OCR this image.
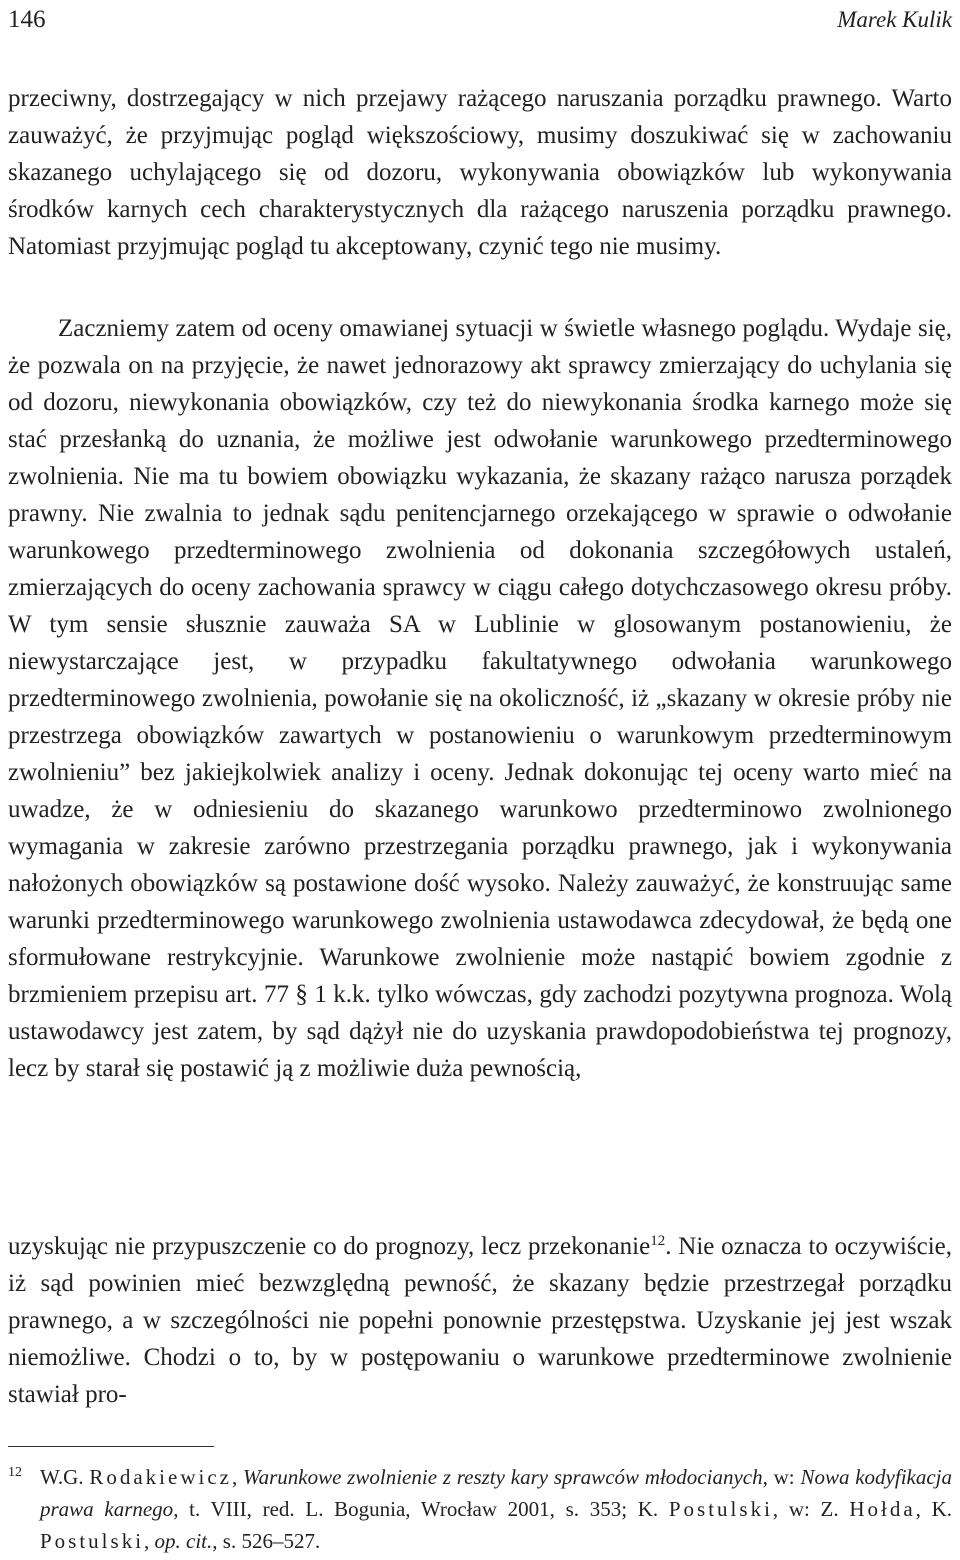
146	Marek Kulik

przeciwny, dostrzegający w nich przejawy rażącego naruszania porządku prawnego. Warto zauważyć, że przyjmując pogląd większościowy, musimy doszukiwać się w zachowaniu skazanego uchylającego się od dozoru, wykonywania obowiązków lub wykonywania środków karnych cech charakterystycznych dla rażącego naruszenia porządku prawnego. Natomiast przyjmując pogląd tu akceptowany, czynić tego nie musimy.

Zaczniemy zatem od oceny omawianej sytuacji w świetle własnego poglądu. Wydaje się, że pozwala on na przyjęcie, że nawet jednorazowy akt sprawcy zmierzający do uchylania się od dozoru, niewykonania obowiązków, czy też do niewykonania środka karnego może się stać przesłanką do uznania, że możliwe jest odwołanie warunkowego przedterminowego zwolnienia. Nie ma tu bowiem obowiązku wykazania, że skazany rażąco narusza porządek prawny. Nie zwalnia to jednak sądu penitencjarnego orzekającego w sprawie o odwołanie warunkowego przedterminowego zwolnienia od dokonania szczegółowych ustaleń, zmierzających do oceny zachowania sprawcy w ciągu całego dotychczasowego okresu próby. W tym sensie słusznie zauważa SA w Lublinie w glosowanym postanowieniu, że niewystarczające jest, w przypadku fakultatywnego odwołania warunkowego przedterminowego zwolnienia, powołanie się na okoliczność, iż „skazany w okresie próby nie przestrzega obowiązków zawartych w postanowieniu o warunkowym przedterminowym zwolnieniu” bez jakiejkolwiek analizy i oceny. Jednak dokonując tej oceny warto mieć na uwadze, że w odniesieniu do skazanego warunkowo przedterminowo zwolnionego wymagania w zakresie zarówno przestrzegania porządku prawnego, jak i wykonywania nałożonych obowiązków są postawione dość wysoko. Należy zauważyć, że konstruując same warunki przedterminowego warunkowego zwolnienia ustawodawca zdecydował, że będą one sformułowane restrykcyjnie. Warunkowe zwolnienie może nastąpić bowiem zgodnie z brzmieniem przepisu art. 77 § 1 k.k. tylko wówczas, gdy zachodzi pozytywna prognoza. Wolą ustawodawcy jest zatem, by sąd dążył nie do uzyskania prawdopodobieństwa tej prognozy, lecz by starał się postawić ją z możliwie duża pewnością,

uzyskując nie przypuszczenie co do prognozy, lecz przekonanie$^{12}$. Nie oznacza to oczywiście, iż sąd powinien mieć bezwzględną pewność, że skazany będzie przestrzegał porządku prawnego, a w szczególności nie popełni ponownie przestępstwa. Uzyskanie jej jest wszak niemożliwe. Chodzi o to, by w postępowaniu o warunkowe przedterminowe zwolnienie stawiał pro-

12 W.G. Rodakiewicz, Warunkowe zwolnienie z reszty kary sprawców młodocianych, w: Nowa kodyfikacja prawa karnego, t. VIII, red. L. Bogunia, Wrocław 2001, s. 353; K. Postulski, w: Z. Hołda, K. Postulski, op. cit., s. 526–527.
